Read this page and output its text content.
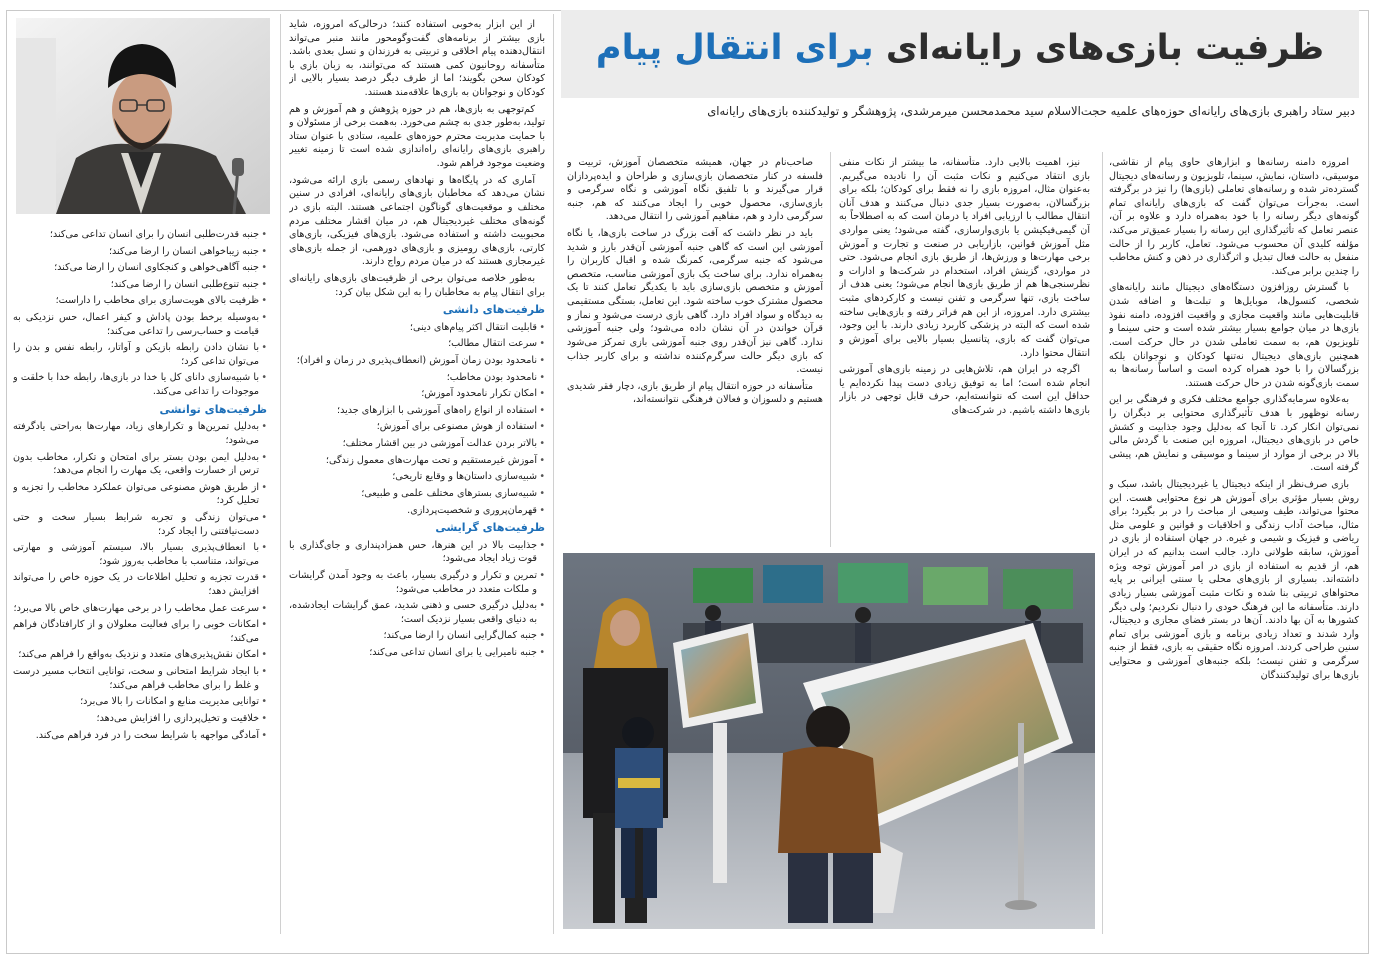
ظرفیت بازی‌های رایانه‌ای برای انتقال پیام
دبیر ستاد راهبری بازی‌های رایانه‌ای حوزه‌های علمیه حجت‌الاسلام سید محمدمحسن میرمرشدی، پژوهشگر و تولیدکننده بازی‌های رایانه‌ای

امروزه دامنه رسانه‌ها و ابزارهای حاوی پیام از نقاشی، موسیقی، داستان، نمایش، سینما، تلویزیون و رسانه‌های دیجیتال گسترده‌تر شده و رسانه‌های تعاملی (بازی‌ها) را نیز در برگرفته است. به‌جرأت می‌توان گفت که بازی‌های رایانه‌ای تمام گونه‌های دیگر رسانه را با خود به‌همراه دارد و علاوه بر آن، عنصر تعامل که تأثیرگذاری این رسانه را بسیار عمیق‌تر می‌کند، مؤلفه کلیدی آن محسوب می‌شود. تعامل، کاربر را از حالت منفعل به حالت فعال تبدیل و اثرگذاری در ذهن و کنش مخاطب را چندین برابر می‌کند.

با گسترش روزافزون دستگاه‌های دیجیتال مانند رایانه‌های شخصی، کنسول‌ها، موبایل‌ها و تبلت‌ها و اضافه شدن قابلیت‌هایی مانند واقعیت مجازی و واقعیت افزوده، دامنه نفوذ بازی‌ها در میان جوامع بسیار بیشتر شده است و حتی سینما و تلویزیون هم، به سمت تعاملی شدن در حال حرکت است. همچنین بازی‌های دیجیتال نه‌تنها کودکان و نوجوانان بلکه بزرگسالان را با خود همراه کرده است و اساساً رسانه‌ها به سمت بازی‌گونه شدن در حال حرکت هستند.

به‌علاوه سرمایه‌گذاری جوامع مختلف فکری و فرهنگی بر این رسانه نوظهور با هدف تأثیرگذاری محتوایی بر دیگران را نمی‌توان انکار کرد. تا آنجا که به‌دلیل وجود جذابیت و کشش خاص در بازی‌های دیجیتال، امروزه این صنعت با گردش مالی بالا در برخی از موارد از سینما و موسیقی و نمایش هم، پیشی گرفته است.

بازی صرف‌نظر از اینکه دیجیتال یا غیردیجیتال باشد، سبک و روش بسیار مؤثری برای آموزش هر نوع محتوایی هست. این محتوا می‌تواند، طیف وسیعی از مباحث را در بر بگیرد؛ برای مثال، مباحث آداب زندگی و اخلاقیات و قوانین و علومی مثل ریاضی و فیزیک و شیمی و غیره. در جهان استفاده از بازی در آموزش، سابقه طولانی دارد. جالب است بدانیم که در ایران هم، از قدیم به استفاده از بازی در امر آموزش توجه ویژه داشته‌اند. بسیاری از بازی‌های محلی یا سنتی ایرانی بر پایه محتواهای تربیتی بنا شده و نکات مثبت آموزشی بسیار زیادی دارند. متأسفانه ما این فرهنگ خودی را دنبال نکردیم؛ ولی دیگر کشورها به آن بها دادند. آن‌ها در بستر فضای مجازی و دیجیتال، وارد شدند و تعداد زیادی برنامه و بازی آموزشی برای تمام سنین طراحی کردند. امروزه نگاه حقیقی به بازی، فقط از جنبه سرگرمی و تفنن نیست؛ بلکه جنبه‌های آموزشی و محتوایی بازی‌ها برای تولیدکنندگان

نیز، اهمیت بالایی دارد. متأسفانه، ما بیشتر از نکات منفی بازی انتقاد می‌کنیم و نکات مثبت آن را نادیده می‌گیریم. به‌عنوان مثال، امروزه بازی را نه فقط برای کودکان؛ بلکه برای بزرگسالان، به‌صورت بسیار جدی دنبال می‌کنند و هدف آنان انتقال مطالب با ارزیابی افراد یا درمان است که به اصطلاحاً به آن گیمی‌فیکیشن یا بازی‌وارسازی، گفته می‌شود؛ یعنی مواردی مثل آموزش قوانین، بازاریابی در صنعت و تجارت و آموزش برخی مهارت‌ها و ورزش‌ها، از طریق بازی انجام می‌شود. حتی در مواردی، گزینش افراد، استخدام در شرکت‌ها و ادارات و نظرسنجی‌ها هم از طریق بازی‌ها انجام می‌شود؛ یعنی هدف از ساخت بازی، تنها سرگرمی و تفنن نیست و کارکردهای مثبت بیشتری دارد. امروزه، از این هم فراتر رفته و بازی‌هایی ساخته شده است که البته در پزشکی کاربرد زیادی دارند. با این وجود، می‌توان گفت که بازی، پتانسیل بسیار بالایی برای آموزش و انتقال محتوا دارد.

اگرچه در ایران هم، تلاش‌هایی در زمینه بازی‌های آموزشی انجام شده است؛ اما به توفیق زیادی دست پیدا نکرده‌ایم یا حداقل این است که نتوانسته‌ایم، حرف قابل توجهی در بازار بازی‌ها داشته باشیم. در شرکت‌های

صاحب‌نام در جهان، همیشه متخصصان آموزش، تربیت و فلسفه در کنار متخصصان بازی‌سازی و طراحان و ایده‌پردازان قرار می‌گیرند و با تلفیق نگاه آموزشی و نگاه سرگرمی و بازی‌سازی، محصول خوبی را ایجاد می‌کنند که هم، جنبه سرگرمی دارد و هم، مفاهیم آموزشی را انتقال می‌دهد.

باید در نظر داشت که آفت بزرگ در ساخت بازی‌ها، یا نگاه آموزشی این است که گاهی جنبه آموزشی آن‌قدر بارز و شدید می‌شود که جنبه سرگرمی، کمرنگ شده و اقبال کاربران را به‌همراه ندارد. برای ساخت یک بازی آموزشی مناسب، متخصص آموزش و متخصص بازی‌سازی باید با یکدیگر تعامل کنند تا یک محصول مشترک خوب ساخته شود. این تعامل، بستگی مستقیمی به دیدگاه و سواد افراد دارد. گاهی بازی درست می‌شود و نماز و قرآن خواندن در آن نشان داده می‌شود؛ ولی جنبه آموزشی ندارد. گاهی نیز آن‌قدر روی جنبه آموزشی بازی تمرکز می‌شود که بازی دیگر حالت سرگرم‌کننده نداشته و برای کاربر جذاب نیست.

متأسفانه در حوزه انتقال پیام از طریق بازی، دچار فقر شدیدی هستیم و دلسوزان و فعالان فرهنگی نتوانسته‌اند،

از این ابزار به‌خوبی استفاده کنند؛ درحالی‌که امروزه، شاید بازی بیشتر از برنامه‌های گفت‌وگومحور مانند منبر می‌تواند انتقال‌دهنده پیام اخلاقی و تربیتی به فرزندان و نسل بعدی باشد. متأسفانه روحانیون کمی هستند که می‌توانند، به زبان بازی با کودکان سخن بگویند؛ اما از طرف دیگر درصد بسیار بالایی از کودکان و نوجوانان به بازی‌ها علاقه‌مند هستند.

کم‌توجهی به بازی‌ها، هم در حوزه پژوهش و هم آموزش و هم تولید، به‌طور جدی به چشم می‌خورد. به‌همت برخی از مسئولان و با حمایت مدیریت محترم حوزه‌های علمیه، ستادی با عنوان ستاد راهبری بازی‌های رایانه‌ای راه‌اندازی شده است تا زمینه تغییر وضعیت موجود فراهم شود.

آماری که در پایگاه‌ها و نهادهای رسمی بازی ارائه می‌شود، نشان می‌دهد که مخاطبان بازی‌های رایانه‌ای، افرادی در سنین مختلف و موقعیت‌های گوناگون اجتماعی هستند. البته بازی در گونه‌های مختلف غیردیجیتال هم، در میان اقشار مختلف مردم محبوبیت داشته و استفاده می‌شود. بازی‌های فیزیکی، بازی‌های کارتی، بازی‌های رومیزی و بازی‌های دورهمی، از جمله بازی‌های غیرمجازی هستند که در میان مردم رواج دارند.

به‌طور خلاصه می‌توان برخی از ظرفیت‌های بازی‌های رایانه‌ای برای انتقال پیام به مخاطبان را به این شکل بیان کرد:

ظرفیت‌های دانشی

• قابلیت انتقال اکثر پیام‌های دینی؛

• سرعت انتقال مطالب؛

• نامحدود بودن زمان آموزش (انعطاف‌پذیری در زمان و افراد)؛

• نامحدود بودن مخاطب؛

• امکان تکرار نامحدود آموزش؛

• استفاده از انواع راه‌های آموزشی با ابزارهای جدید؛

• استفاده از هوش مصنوعی برای آموزش؛

• بالاتر بردن عدالت آموزشی در بین اقشار مختلف؛

• آموزش غیرمستقیم و تحت مهارت‌های معمول زندگی؛

• شبیه‌سازی داستان‌ها و وقایع تاریخی؛

• شبیه‌سازی بسترهای مختلف علمی و طبیعی؛

• قهرمان‌پروری و شخصیت‌پردازی.

ظرفیت‌های گرایشی

• جذابیت بالا در این هنرها، حس همزادپنداری و جای‌گذاری با قوت زیاد ایجاد می‌شود؛

• تمرین و تکرار و درگیری بسیار، باعث به وجود آمدن گرایشات و ملکات متعدد در مخاطب می‌شود؛

• به‌دلیل درگیری حسی و ذهنی شدید، عمق گرایشات ایجادشده، به دنیای واقعی بسیار نزدیک است؛

• جنبه کمال‌گرایی انسان را ارضا می‌کند؛

• جنبه نامیرایی یا برای انسان تداعی می‌کند؛

• جنبه قدرت‌طلبی انسان را برای انسان تداعی می‌کند؛

• جنبه زیباخواهی انسان را ارضا می‌کند؛

• جنبه آگاهی‌خواهی و کنجکاوی انسان را ارضا می‌کند؛

• جنبه تنوع‌طلبی انسان را ارضا می‌کند؛

• ظرفیت بالای هویت‌سازی برای مخاطب را داراست؛

• به‌وسیله برخط بودن پاداش و کیفر اعمال، حس نزدیکی به قیامت و حساب‌رسی را تداعی می‌کند؛

• با نشان دادن رابطه بازیکن و آواتار، رابطه نفس و بدن را می‌توان تداعی کرد؛

• با شبیه‌سازی دانای کل یا خدا در بازی‌ها، رابطه خدا با خلقت و موجودات را تداعی می‌کند.

ظرفیت‌های توانشی

• به‌دلیل تمرین‌ها و تکرارهای زیاد، مهارت‌ها به‌راحتی یادگرفته می‌شود؛

• به‌دلیل ایمن بودن بستر برای امتحان و تکرار، مخاطب بدون ترس از خسارت واقعی، یک مهارت را انجام می‌دهد؛

• از طریق هوش مصنوعی می‌توان عملکرد مخاطب را تجزیه و تحلیل کرد؛

• می‌توان زندگی و تجربه شرایط بسیار سخت و حتی دست‌نیافتنی را ایجاد کرد؛

• با انعطاف‌پذیری بسیار بالا، سیستم آموزشی و مهارتی می‌تواند، متناسب با مخاطب به‌روز شود؛

• قدرت تجزیه و تحلیل اطلاعات در یک حوزه خاص را می‌تواند افزایش دهد؛

• سرعت عمل مخاطب را در برخی مهارت‌های خاص بالا می‌برد؛

• امکانات خوبی را برای فعالیت معلولان و از کارافتادگان فراهم می‌کند؛

• امکان نقش‌پذیری‌های متعدد و نزدیک به‌واقع را فراهم می‌کند؛

• با ایجاد شرایط امتحانی و سخت، توانایی انتخاب مسیر درست و غلط را برای مخاطب فراهم می‌کند؛

• توانایی مدیریت منابع و امکانات را بالا می‌برد؛

• خلاقیت و تخیل‌پردازی را افزایش می‌دهد؛

• آمادگی مواجهه با شرایط سخت را در فرد فراهم می‌کند.
